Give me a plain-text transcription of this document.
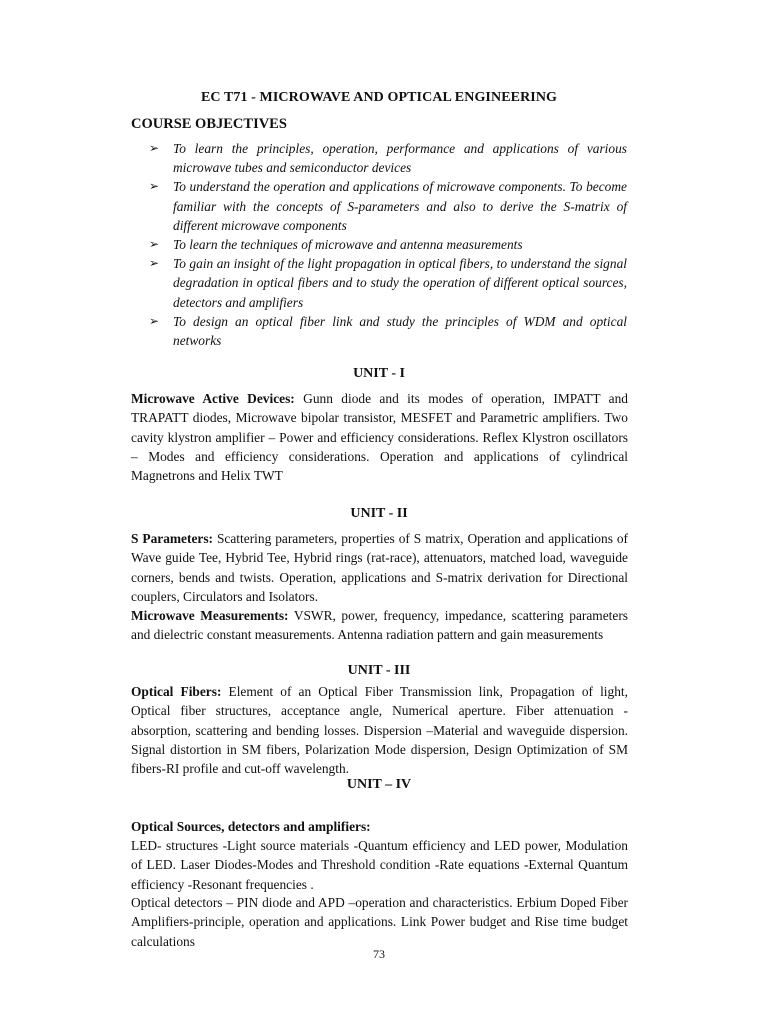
EC T71 - MICROWAVE AND OPTICAL ENGINEERING
COURSE OBJECTIVES

➢ To learn the principles, operation, performance and applications of various microwave tubes and semiconductor devices

➢ To understand the operation and applications of microwave components. To become familiar with the concepts of S-parameters and also to derive the S-matrix of different microwave components

➢ To learn the techniques of microwave and antenna measurements

➢ To gain an insight of the light propagation in optical fibers, to understand the signal degradation in optical fibers and to study the operation of different optical sources, detectors and amplifiers

➢ To design an optical fiber link and study the principles of WDM and optical networks

UNIT - I

Microwave Active Devices: Gunn diode and its modes of operation, IMPATT and TRAPATT diodes, Microwave bipolar transistor, MESFET and Parametric amplifiers. Two cavity klystron amplifier – Power and efficiency considerations. Reflex Klystron oscillators – Modes and efficiency considerations. Operation and applications of cylindrical Magnetrons and Helix TWT

UNIT - II

S Parameters: Scattering parameters, properties of S matrix, Operation and applications of Wave guide Tee, Hybrid Tee, Hybrid rings (rat-race), attenuators, matched load, waveguide corners, bends and twists. Operation, applications and S-matrix derivation for Directional couplers, Circulators and Isolators.

Microwave Measurements: VSWR, power, frequency, impedance, scattering parameters and dielectric constant measurements. Antenna radiation pattern and gain measurements

UNIT - III

Optical Fibers: Element of an Optical Fiber Transmission link, Propagation of light, Optical fiber structures, acceptance angle, Numerical aperture. Fiber attenuation - absorption, scattering and bending losses. Dispersion –Material and waveguide dispersion. Signal distortion in SM fibers, Polarization Mode dispersion, Design Optimization of SM fibers-RI profile and cut-off wavelength.

UNIT – IV

Optical Sources, detectors and amplifiers:

LED- structures -Light source materials -Quantum efficiency and LED power, Modulation of LED. Laser Diodes-Modes and Threshold condition -Rate equations -External Quantum efficiency -Resonant frequencies .

Optical detectors – PIN diode and APD –operation and characteristics. Erbium Doped Fiber Amplifiers-principle, operation and applications. Link Power budget and Rise time budget calculations

73
